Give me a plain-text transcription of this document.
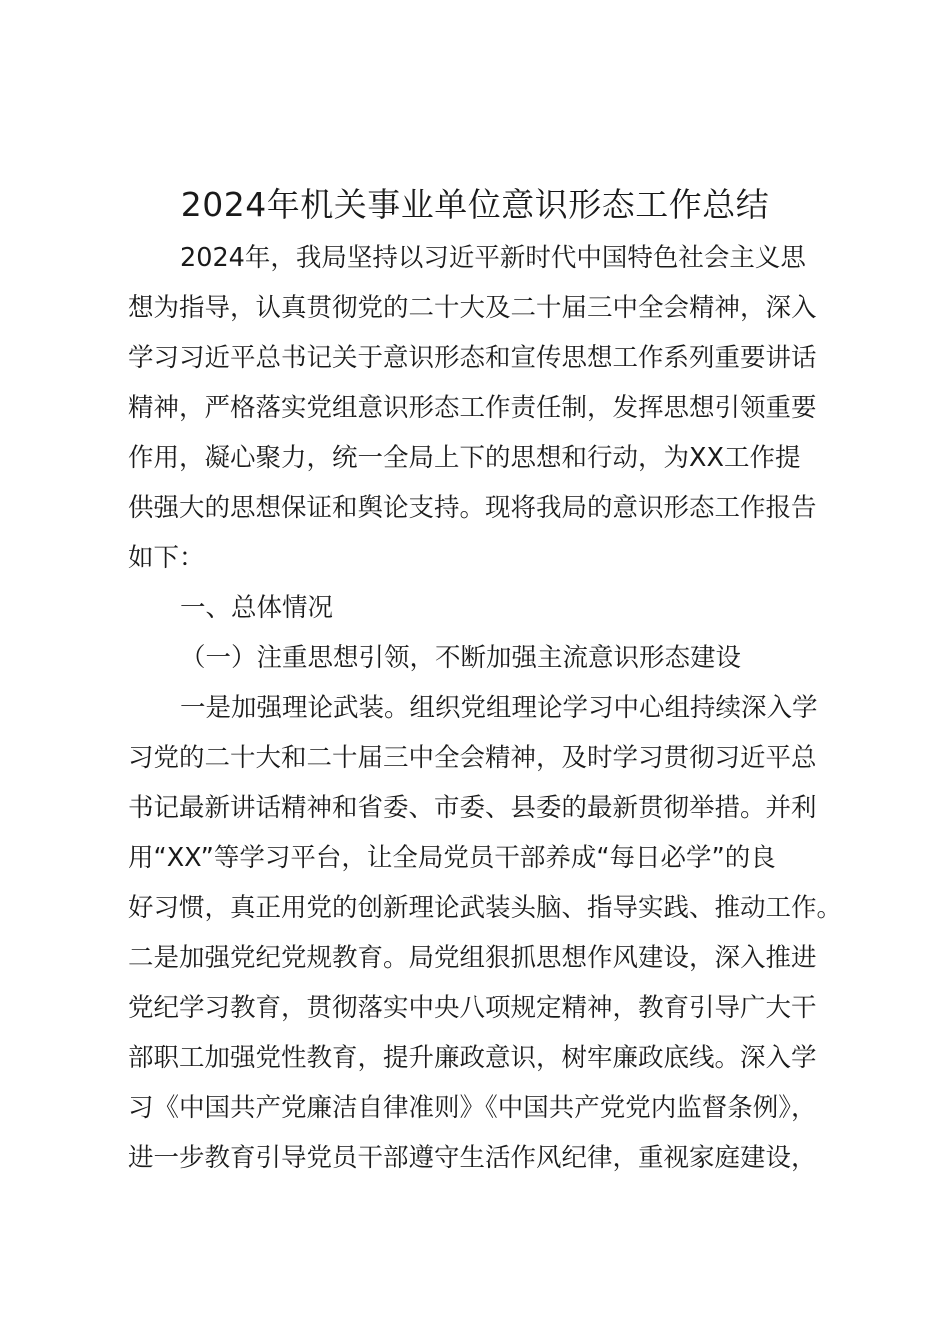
2024年机关事业单位意识形态工作总结
2024年，我局坚持以习近平新时代中国特色社会主义思
想为指导，认真贯彻党的二十大及二十届三中全会精神，深入
学习习近平总书记关于意识形态和宣传思想工作系列重要讲话
精神，严格落实党组意识形态工作责任制，发挥思想引领重要
作用，凝心聚力，统一全局上下的思想和行动，为XX工作提
供强大的思想保证和舆论支持。现将我局的意识形态工作报告
如下：
一、总体情况
（一）注重思想引领，不断加强主流意识形态建设
一是加强理论武装。组织党组理论学习中心组持续深入学
习党的二十大和二十届三中全会精神，及时学习贯彻习近平总
书记最新讲话精神和省委、市委、县委的最新贯彻举措。并利
用“XX”等学习平台，让全局党员干部养成“每日必学”的良
好习惯，真正用党的创新理论武装头脑、指导实践、推动工作。
二是加强党纪党规教育。局党组狠抓思想作风建设，深入推进
党纪学习教育，贯彻落实中央八项规定精神，教育引导广大干
部职工加强党性教育，提升廉政意识，树牢廉政底线。深入学
习《中国共产党廉洁自律准则》《中国共产党党内监督条例》，
进一步教育引导党员干部遵守生活作风纪律，重视家庭建设，
